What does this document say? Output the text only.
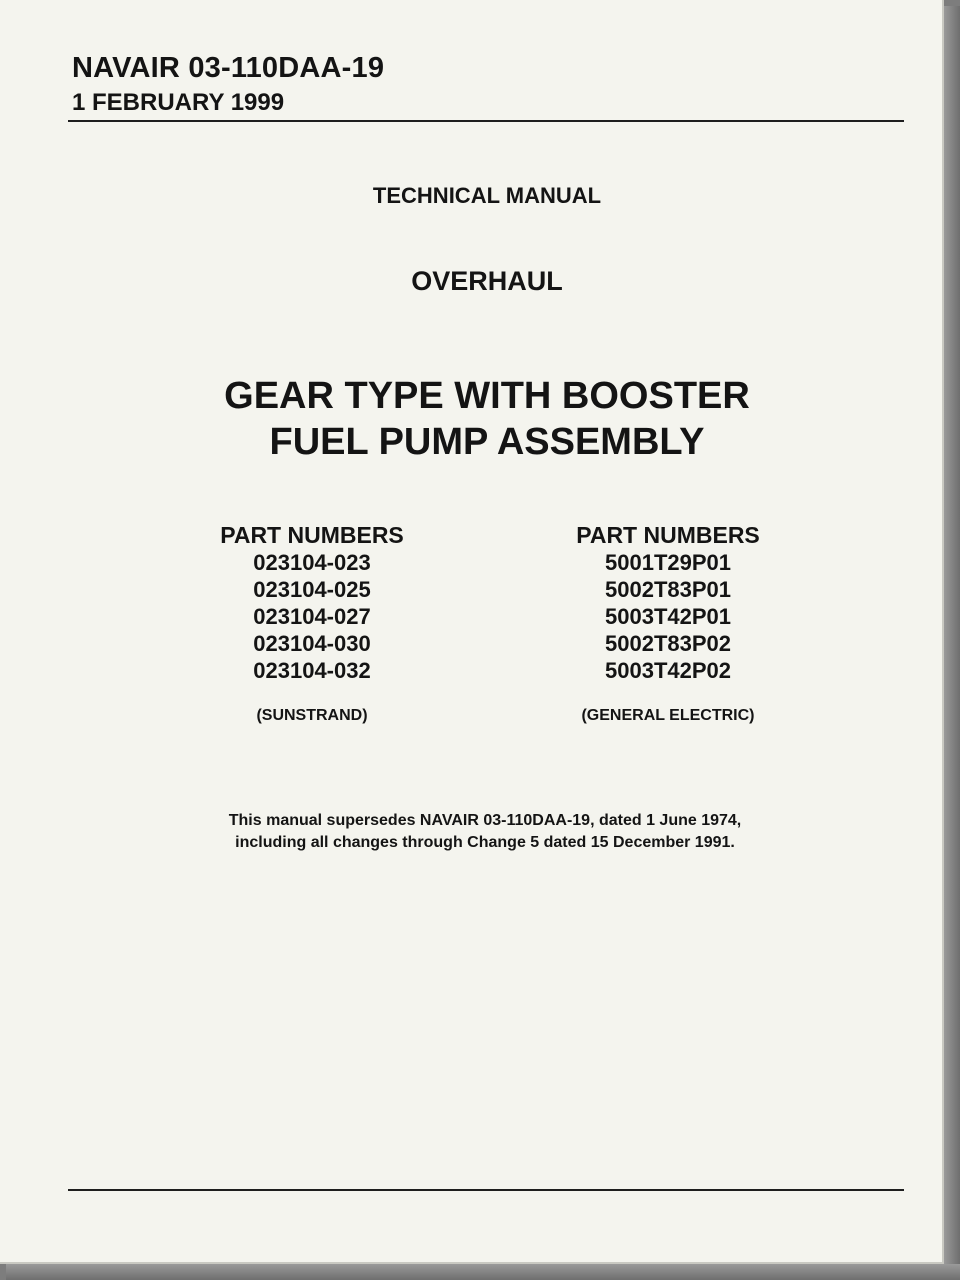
NAVAIR 03-110DAA-19
1 FEBRUARY 1999
TECHNICAL MANUAL
OVERHAUL
GEAR TYPE WITH BOOSTER
FUEL PUMP ASSEMBLY
PART NUMBERS
023104-023
023104-025
023104-027
023104-030
023104-032
(SUNSTRAND)
PART NUMBERS
5001T29P01
5002T83P01
5003T42P01
5002T83P02
5003T42P02
(GENERAL ELECTRIC)
This manual supersedes NAVAIR 03-110DAA-19, dated 1 June 1974,
including all changes through Change 5 dated 15 December 1991.
